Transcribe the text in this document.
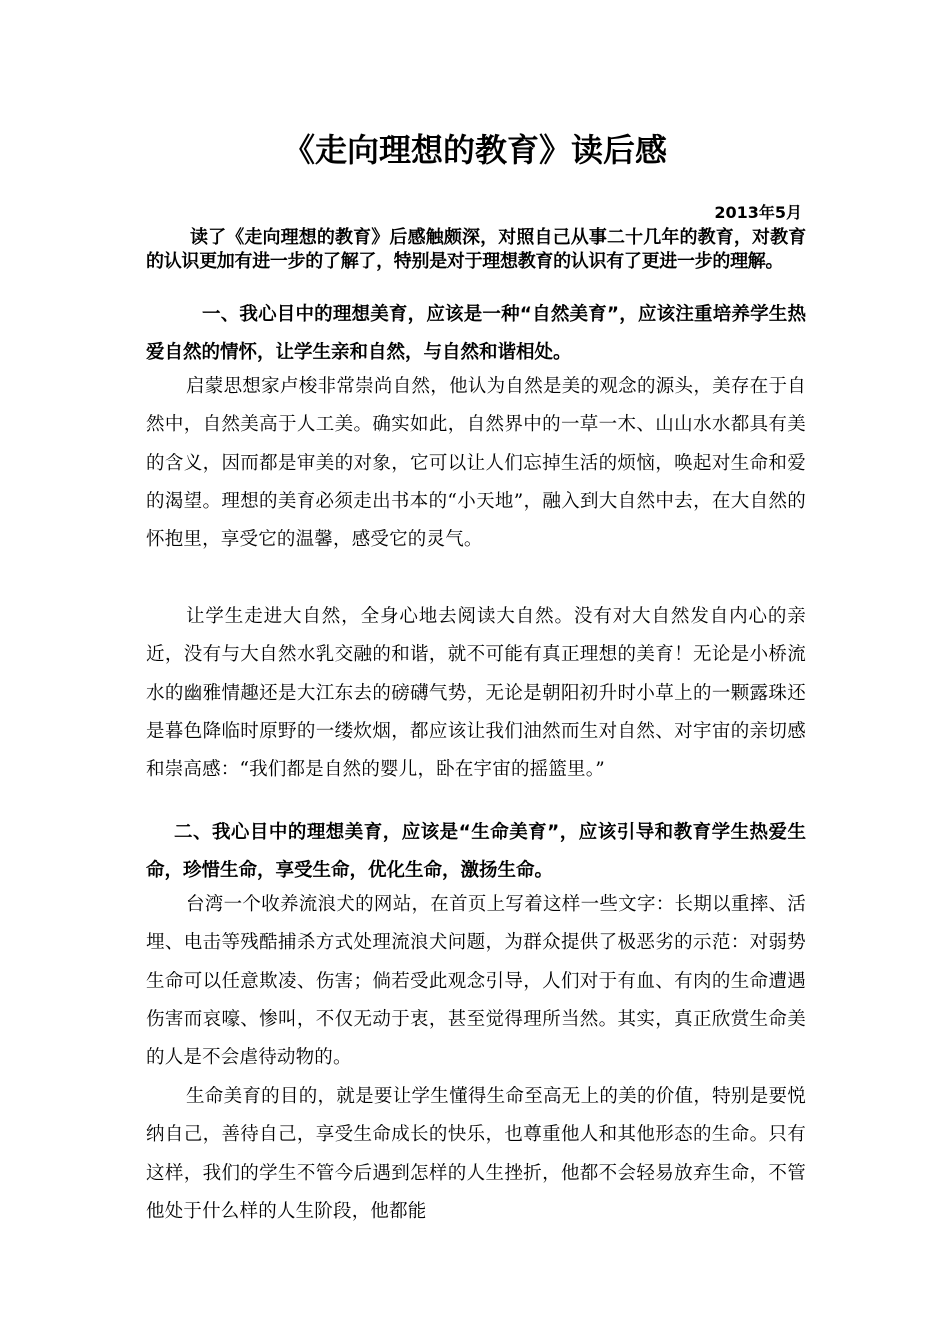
《走向理想的教育》读后感
2013年5月

读了《走向理想的教育》后感触颇深，对照自己从事二十几年的教育，对教育的认识更加有进一步的了解了，特别是对于理想教育的认识有了更进一步的理解。

一、我心目中的理想美育，应该是一种“自然美育”，应该注重培养学生热爱自然的情怀，让学生亲和自然，与自然和谐相处。

启蒙思想家卢梭非常崇尚自然，他认为自然是美的观念的源头，美存在于自然中，自然美高于人工美。确实如此，自然界中的一草一木、山山水水都具有美的含义，因而都是审美的对象，它可以让人们忘掉生活的烦恼，唤起对生命和爱的渴望。理想的美育必须走出书本的“小天地”，融入到大自然中去，在大自然的怀抱里，享受它的温馨，感受它的灵气。

让学生走进大自然，全身心地去阅读大自然。没有对大自然发自内心的亲近，没有与大自然水乳交融的和谐，就不可能有真正理想的美育！无论是小桥流水的幽雅情趣还是大江东去的磅礴气势，无论是朝阳初升时小草上的一颗露珠还是暮色降临时原野的一缕炊烟，都应该让我们油然而生对自然、对宇宙的亲切感和崇高感：“我们都是自然的婴儿，卧在宇宙的摇篮里。”

二、我心目中的理想美育，应该是“生命美育”，应该引导和教育学生热爱生命，珍惜生命，享受生命，优化生命，激扬生命。

台湾一个收养流浪犬的网站，在首页上写着这样一些文字：长期以重摔、活埋、电击等残酷捕杀方式处理流浪犬问题，为群众提供了极恶劣的示范：对弱势生命可以任意欺凌、伤害；倘若受此观念引导，人们对于有血、有肉的生命遭遇伤害而哀嚎、惨叫，不仅无动于衷，甚至觉得理所当然。其实，真正欣赏生命美的人是不会虐待动物的。

生命美育的目的，就是要让学生懂得生命至高无上的美的价值，特别是要悦纳自己，善待自己，享受生命成长的快乐，也尊重他人和其他形态的生命。只有这样，我们的学生不管今后遇到怎样的人生挫折，他都不会轻易放弃生命，不管他处于什么样的人生阶段，他都能
